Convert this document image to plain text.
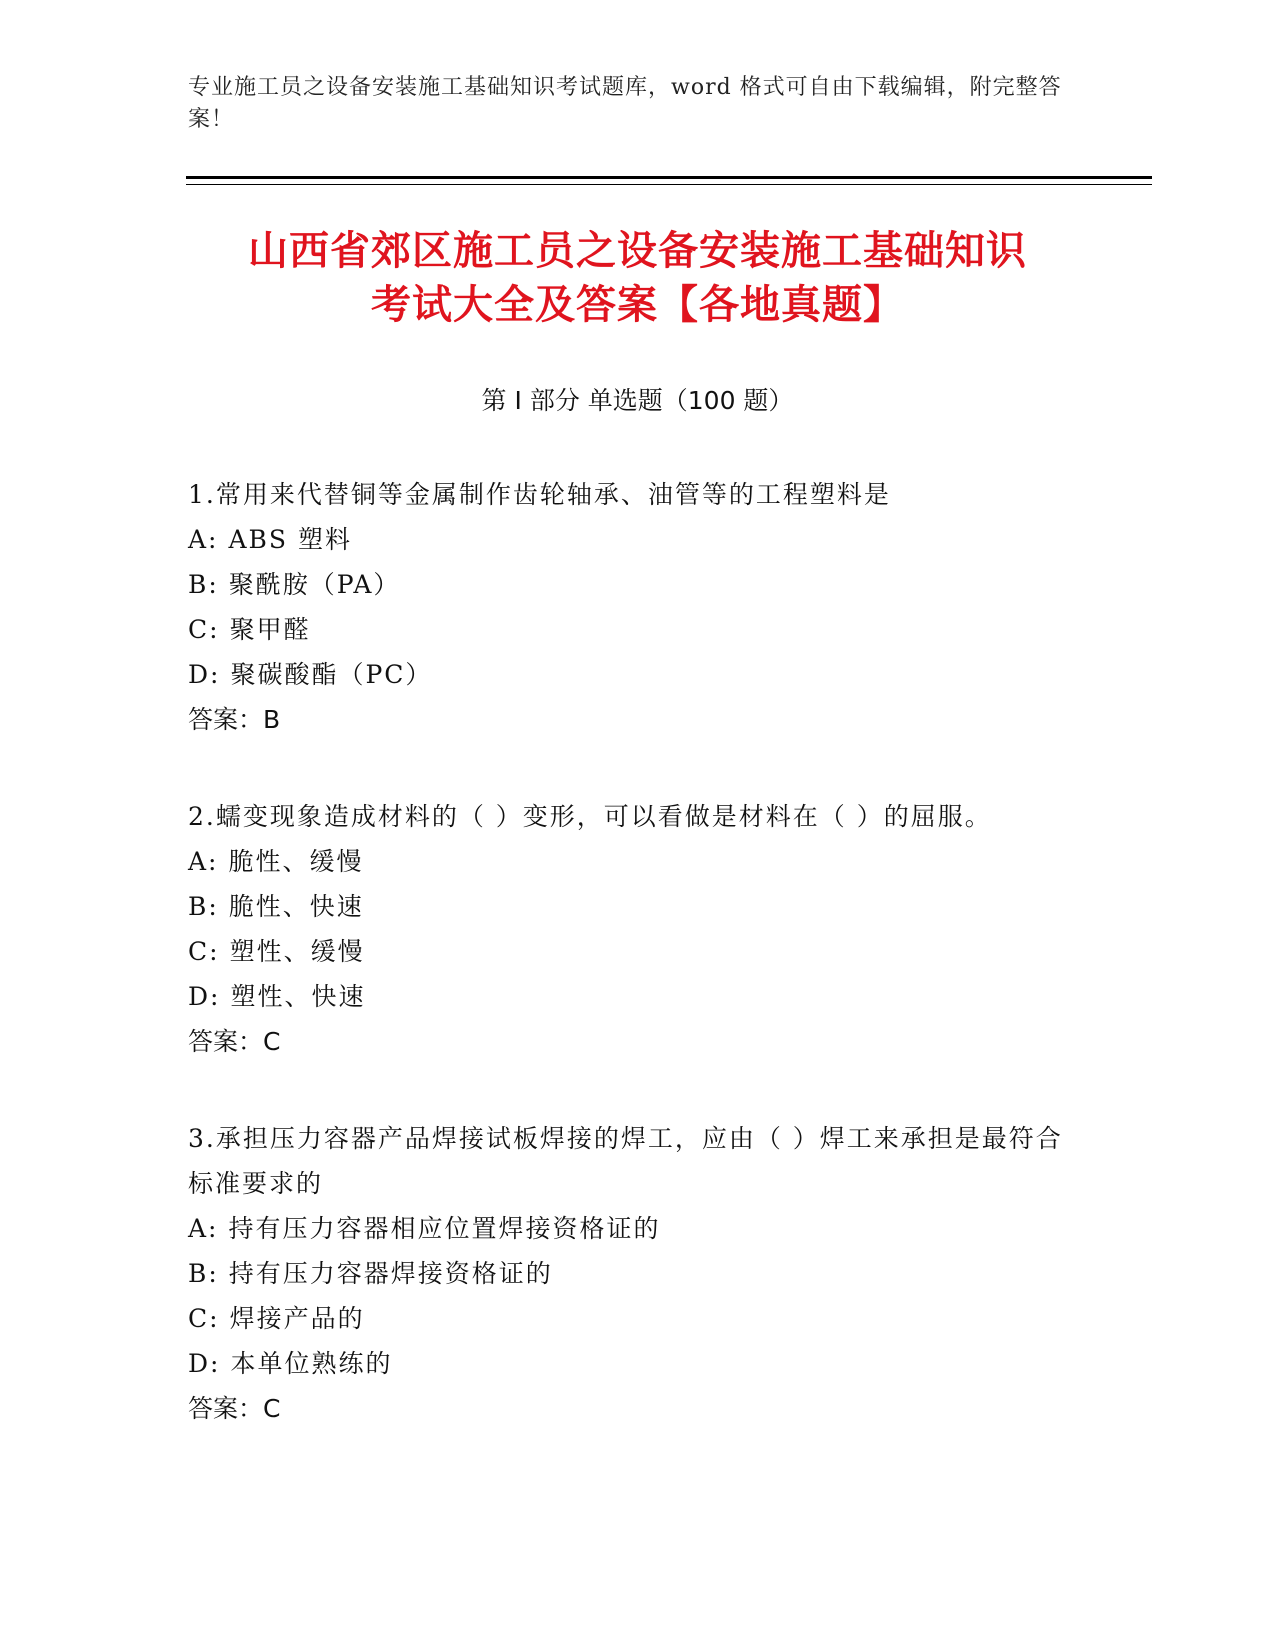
专业施工员之设备安装施工基础知识考试题库，word 格式可自由下载编辑，附完整答案！
山西省郊区施工员之设备安装施工基础知识
考试大全及答案【各地真题】
第 I 部分 单选题（100 题）

1.常用来代替铜等金属制作齿轮轴承、油管等的工程塑料是

A: ABS 塑料

B: 聚酰胺（PA）

C: 聚甲醛

D: 聚碳酸酯（PC）

答案：B

2.蠕变现象造成材料的（ ）变形，可以看做是材料在（ ）的屈服。

A: 脆性、缓慢

B: 脆性、快速

C: 塑性、缓慢

D: 塑性、快速

答案：C

3.承担压力容器产品焊接试板焊接的焊工，应由（ ）焊工来承担是最符合标准要求的

A: 持有压力容器相应位置焊接资格证的

B: 持有压力容器焊接资格证的

C: 焊接产品的

D: 本单位熟练的

答案：C
